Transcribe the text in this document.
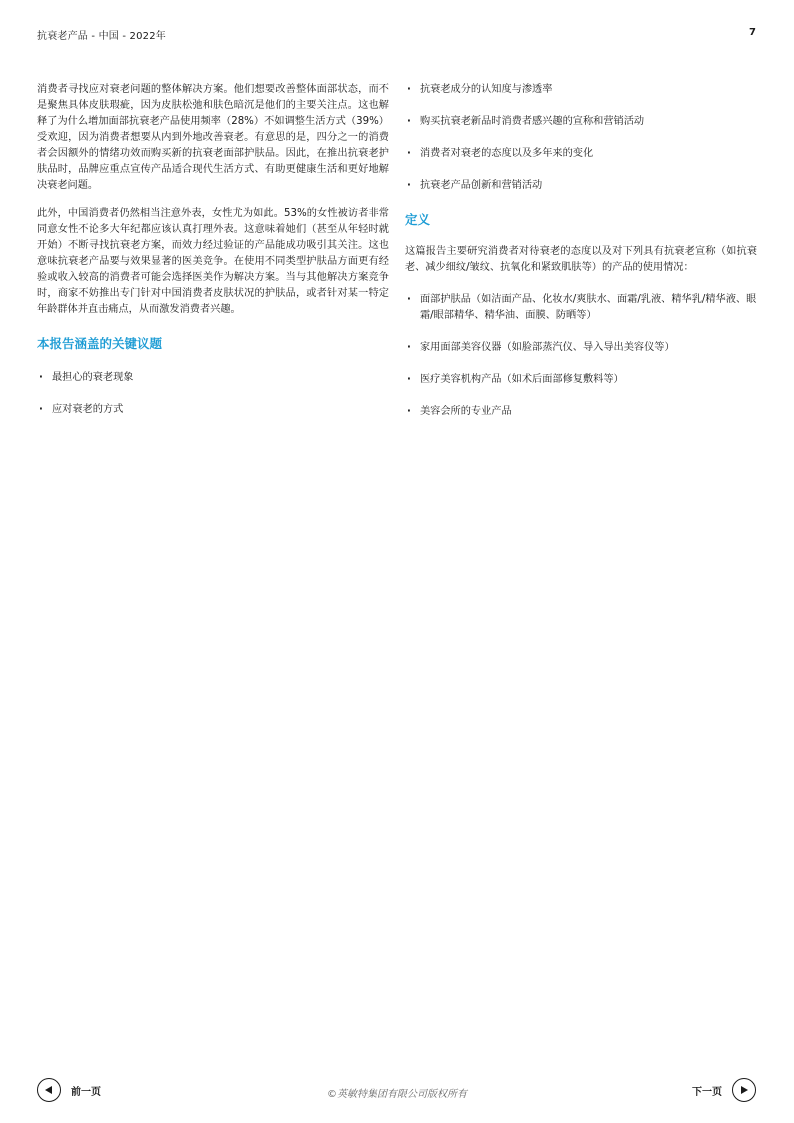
抗衰老产品 - 中国 - 2022年	7

消费者寻找应对衰老问题的整体解决方案。他们想要改善整体面部状态，而不是聚焦具体皮肤瑕疵，因为皮肤松弛和肤色暗沉是他们的主要关注点。这也解释了为什么增加面部抗衰老产品使用频率（28%）不如调整生活方式（39%）受欢迎，因为消费者想要从内到外地改善衰老。有意思的是，四分之一的消费者会因额外的情绪功效而购买新的抗衰老面部护肤品。因此，在推出抗衰老护肤品时，品牌应重点宣传产品适合现代生活方式、有助更健康生活和更好地解决衰老问题。

此外，中国消费者仍然相当注意外表，女性尤为如此。53%的女性被访者非常同意女性不论多大年纪都应该认真打理外表。这意味着她们（甚至从年轻时就开始）不断寻找抗衰老方案，而效力经过验证的产品能成功吸引其关注。这也意味抗衰老产品要与效果显著的医美竞争。在使用不同类型护肤品方面更有经验或收入较高的消费者可能会选择医美作为解决方案。当与其他解决方案竞争时，商家不妨推出专门针对中国消费者皮肤状况的护肤品，或者针对某一特定年龄群体并直击痛点，从而激发消费者兴趣。

本报告涵盖的关键议题
· 最担心的衰老现象
· 应对衰老的方式
· 抗衰老成分的认知度与渗透率
· 购买抗衰老新品时消费者感兴趣的宣称和营销活动
· 消费者对衰老的态度以及多年来的变化
· 抗衰老产品创新和营销活动
定义

这篇报告主要研究消费者对待衰老的态度以及对下列具有抗衰老宣称（如抗衰老、减少细纹/皱纹、抗氧化和紧致肌肤等）的产品的使用情况：

· 面部护肤品（如洁面产品、化妆水/爽肤水、面霜/乳液、精华乳/精华液、眼霜/眼部精华、精华油、面膜、防晒等）
· 家用面部美容仪器（如脸部蒸汽仪、导入导出美容仪等）
· 医疗美容机构产品（如术后面部修复敷料等）
· 美容会所的专业产品
前一页	©英敏特集团有限公司版权所有	下一页
